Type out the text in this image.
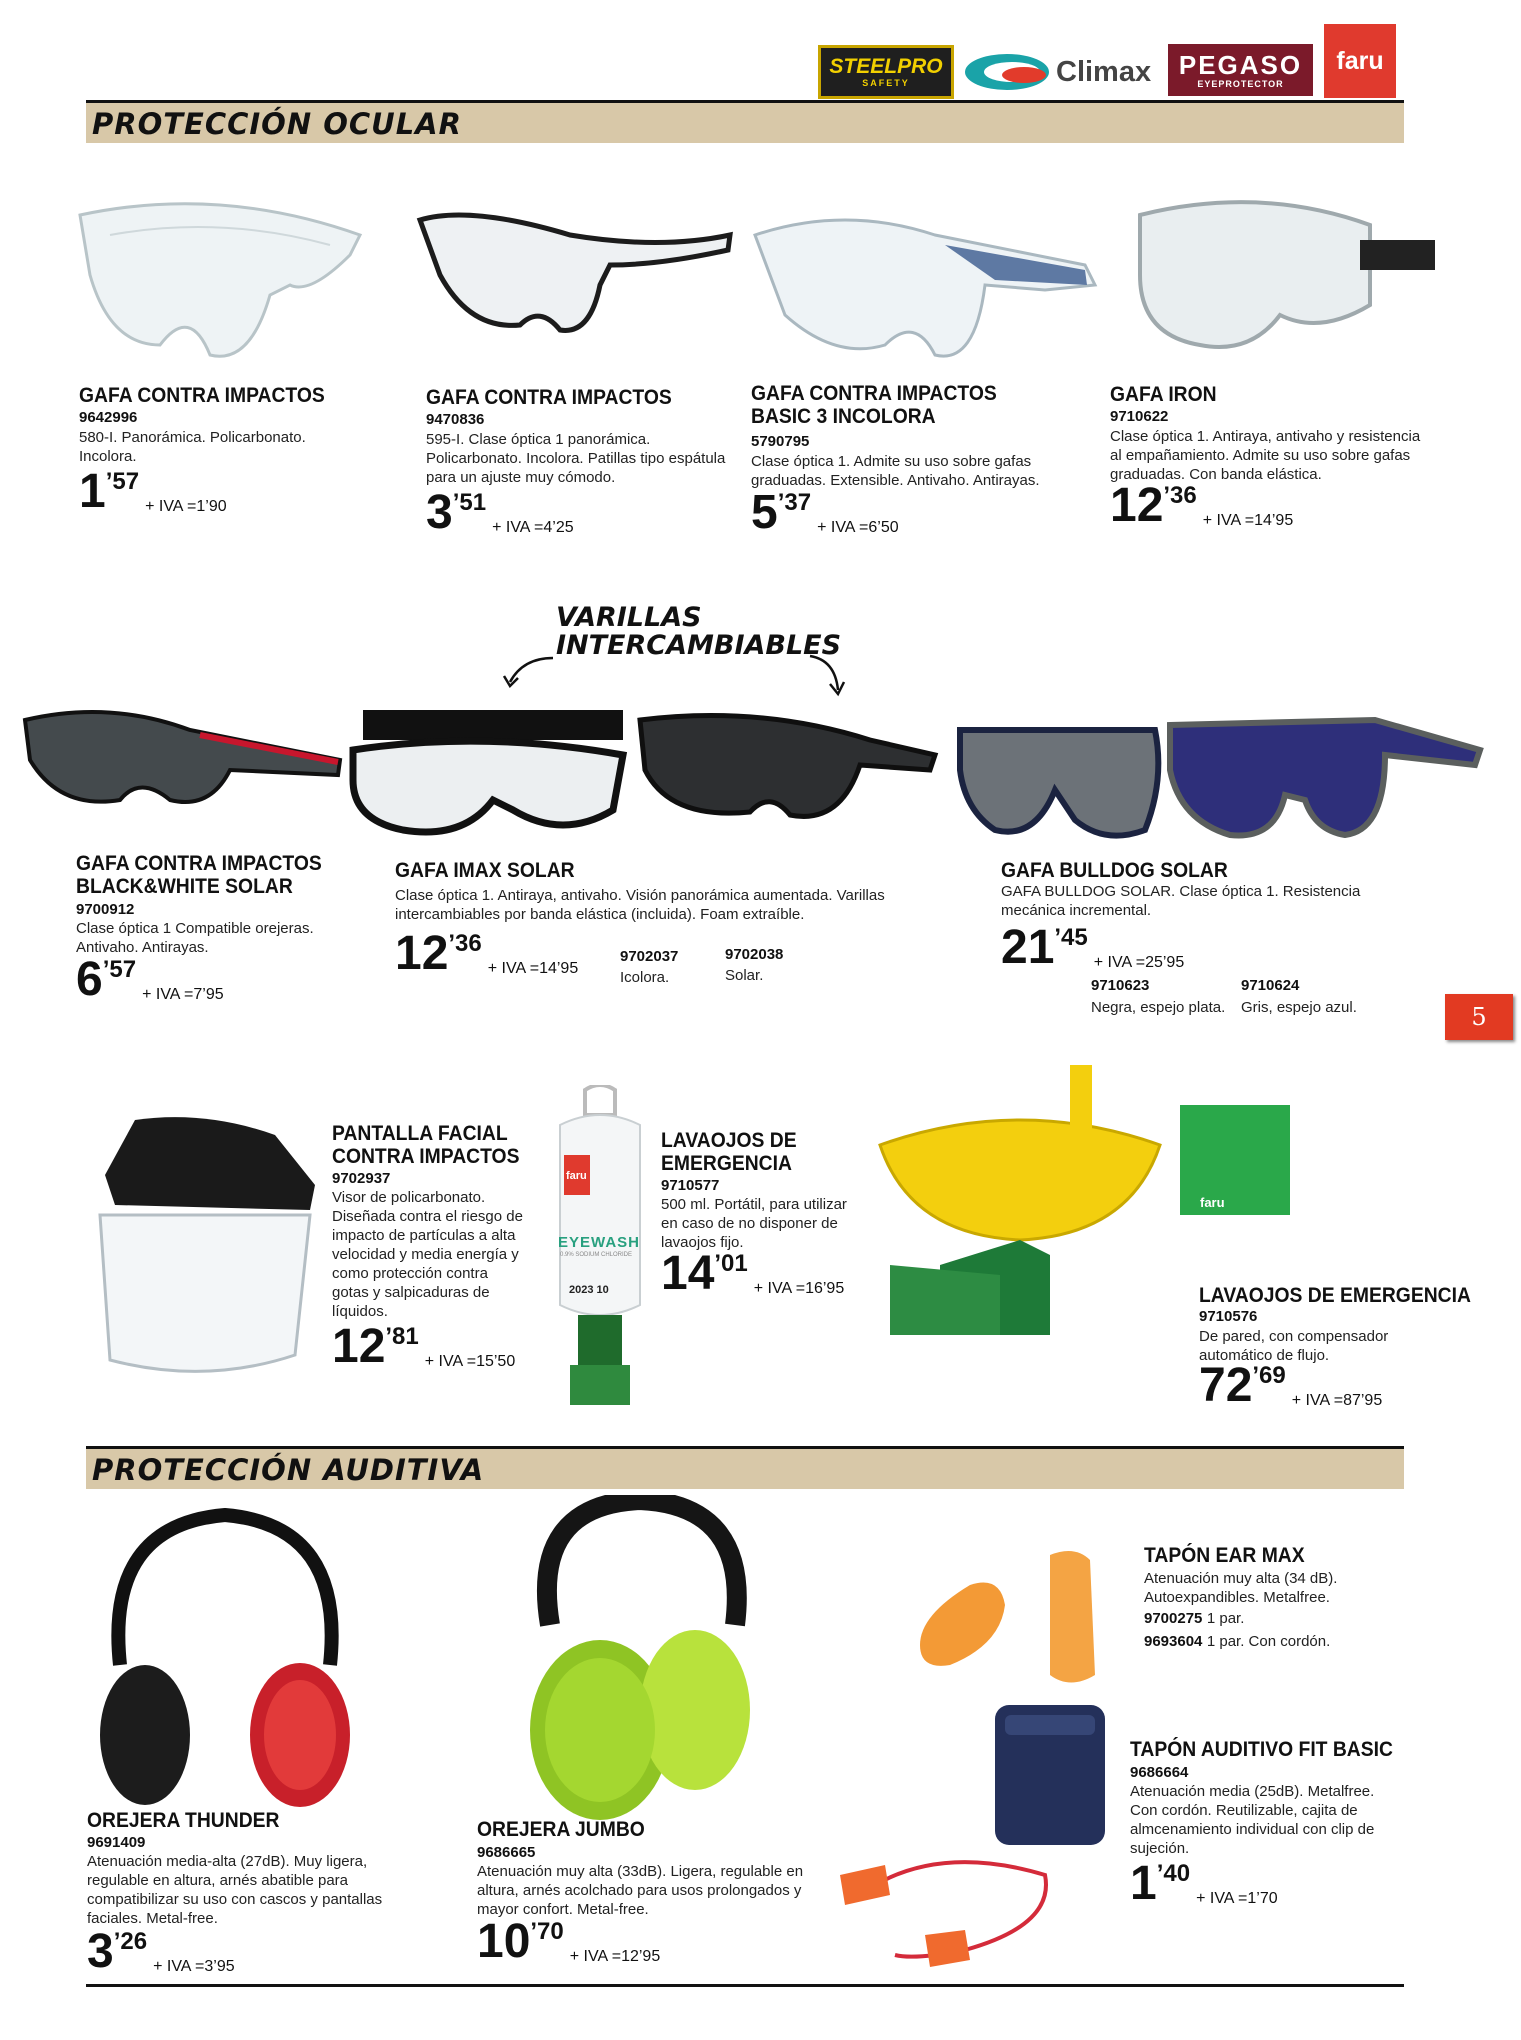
STEELPRO
SAFETY	Climax PEGASO
EYEPROTECTOR
faru
PROTECCIÓN OCULAR
GAFA CONTRA IMPACTOS
9642996
580-I. Panorámica. Policarbonato. Incolora.
1’57+ IVA =1’90
GAFA CONTRA IMPACTOS
9470836
595-I. Clase óptica 1 panorámica. Policarbonato. Incolora. Patillas tipo espátula para un ajuste muy cómodo.
3’51+ IVA =4’25
GAFA CONTRA IMPACTOS
BASIC 3 INCOLORA
5790795
Clase óptica 1. Admite su uso sobre gafas graduadas. Extensible. Antivaho. Antirayas.
5’37+ IVA =6’50
GAFA IRON
9710622
Clase óptica 1. Antiraya, antivaho y resistencia al empañamiento. Admite su uso sobre gafas graduadas. Con banda elástica.
12’36+ IVA =14’95
VARILLAS
INTERCAMBIABLES
GAFA CONTRA IMPACTOS
BLACK&WHITE SOLAR
9700912
Clase óptica 1 Compatible orejeras. Antivaho. Antirayas.
6’57+ IVA =7’95
GAFA IMAX SOLAR
Clase óptica 1. Antiraya, antivaho. Visión panorámica aumentada. Varillas intercambiables por banda elástica (incluida). Foam extraíble.
12’36+ IVA =14’95
9702037
Icolora.
9702038
Solar.
GAFA BULLDOG SOLAR
GAFA BULLDOG SOLAR. Clase óptica 1. Resistencia mecánica incremental.
21’45+ IVA =25’95
9710623
Negra, espejo plata.
9710624
Gris, espejo azul.	5
faru
EYEWASH
0.9% SODIUM CHLORIDE
2023 10
faru
PANTALLA FACIAL
CONTRA IMPACTOS
9702937
Visor de policarbonato. Diseñada contra el riesgo de impacto de partículas a alta velocidad y media energía y como protección contra gotas y salpicaduras de líquidos.
12’81+ IVA =15’50
LAVAOJOS DE
EMERGENCIA
9710577
500 ml. Portátil, para utilizar en caso de no disponer de lavaojos fijo.
14’01+ IVA =16’95	LAVAOJOS DE EMERGENCIA
9710576
De pared, con compensador automático de flujo.
72’69+ IVA =87’95
PROTECCIÓN AUDITIVA
TAPÓN EAR MAX
Atenuación muy alta (34 dB). Autoexpandibles. Metalfree.
9700275 1 par.
9693604 1 par. Con cordón.
TAPÓN AUDITIVO FIT BASIC
9686664
Atenuación media (25dB). Metalfree. Con cordón. Reutilizable, cajita de almcenamiento individual con clip de sujeción.
1’40+ IVA =1’70
OREJERA THUNDER
9691409
Atenuación media-alta (27dB). Muy ligera, regulable en altura, arnés abatible para compatibilizar su uso con cascos y pantallas faciales. Metal-free.
3’26+ IVA =3’95
OREJERA JUMBO
9686665
Atenuación muy alta (33dB). Ligera, regulable en altura, arnés acolchado para usos prolongados y mayor confort. Metal-free.
10’70+ IVA =12’95
